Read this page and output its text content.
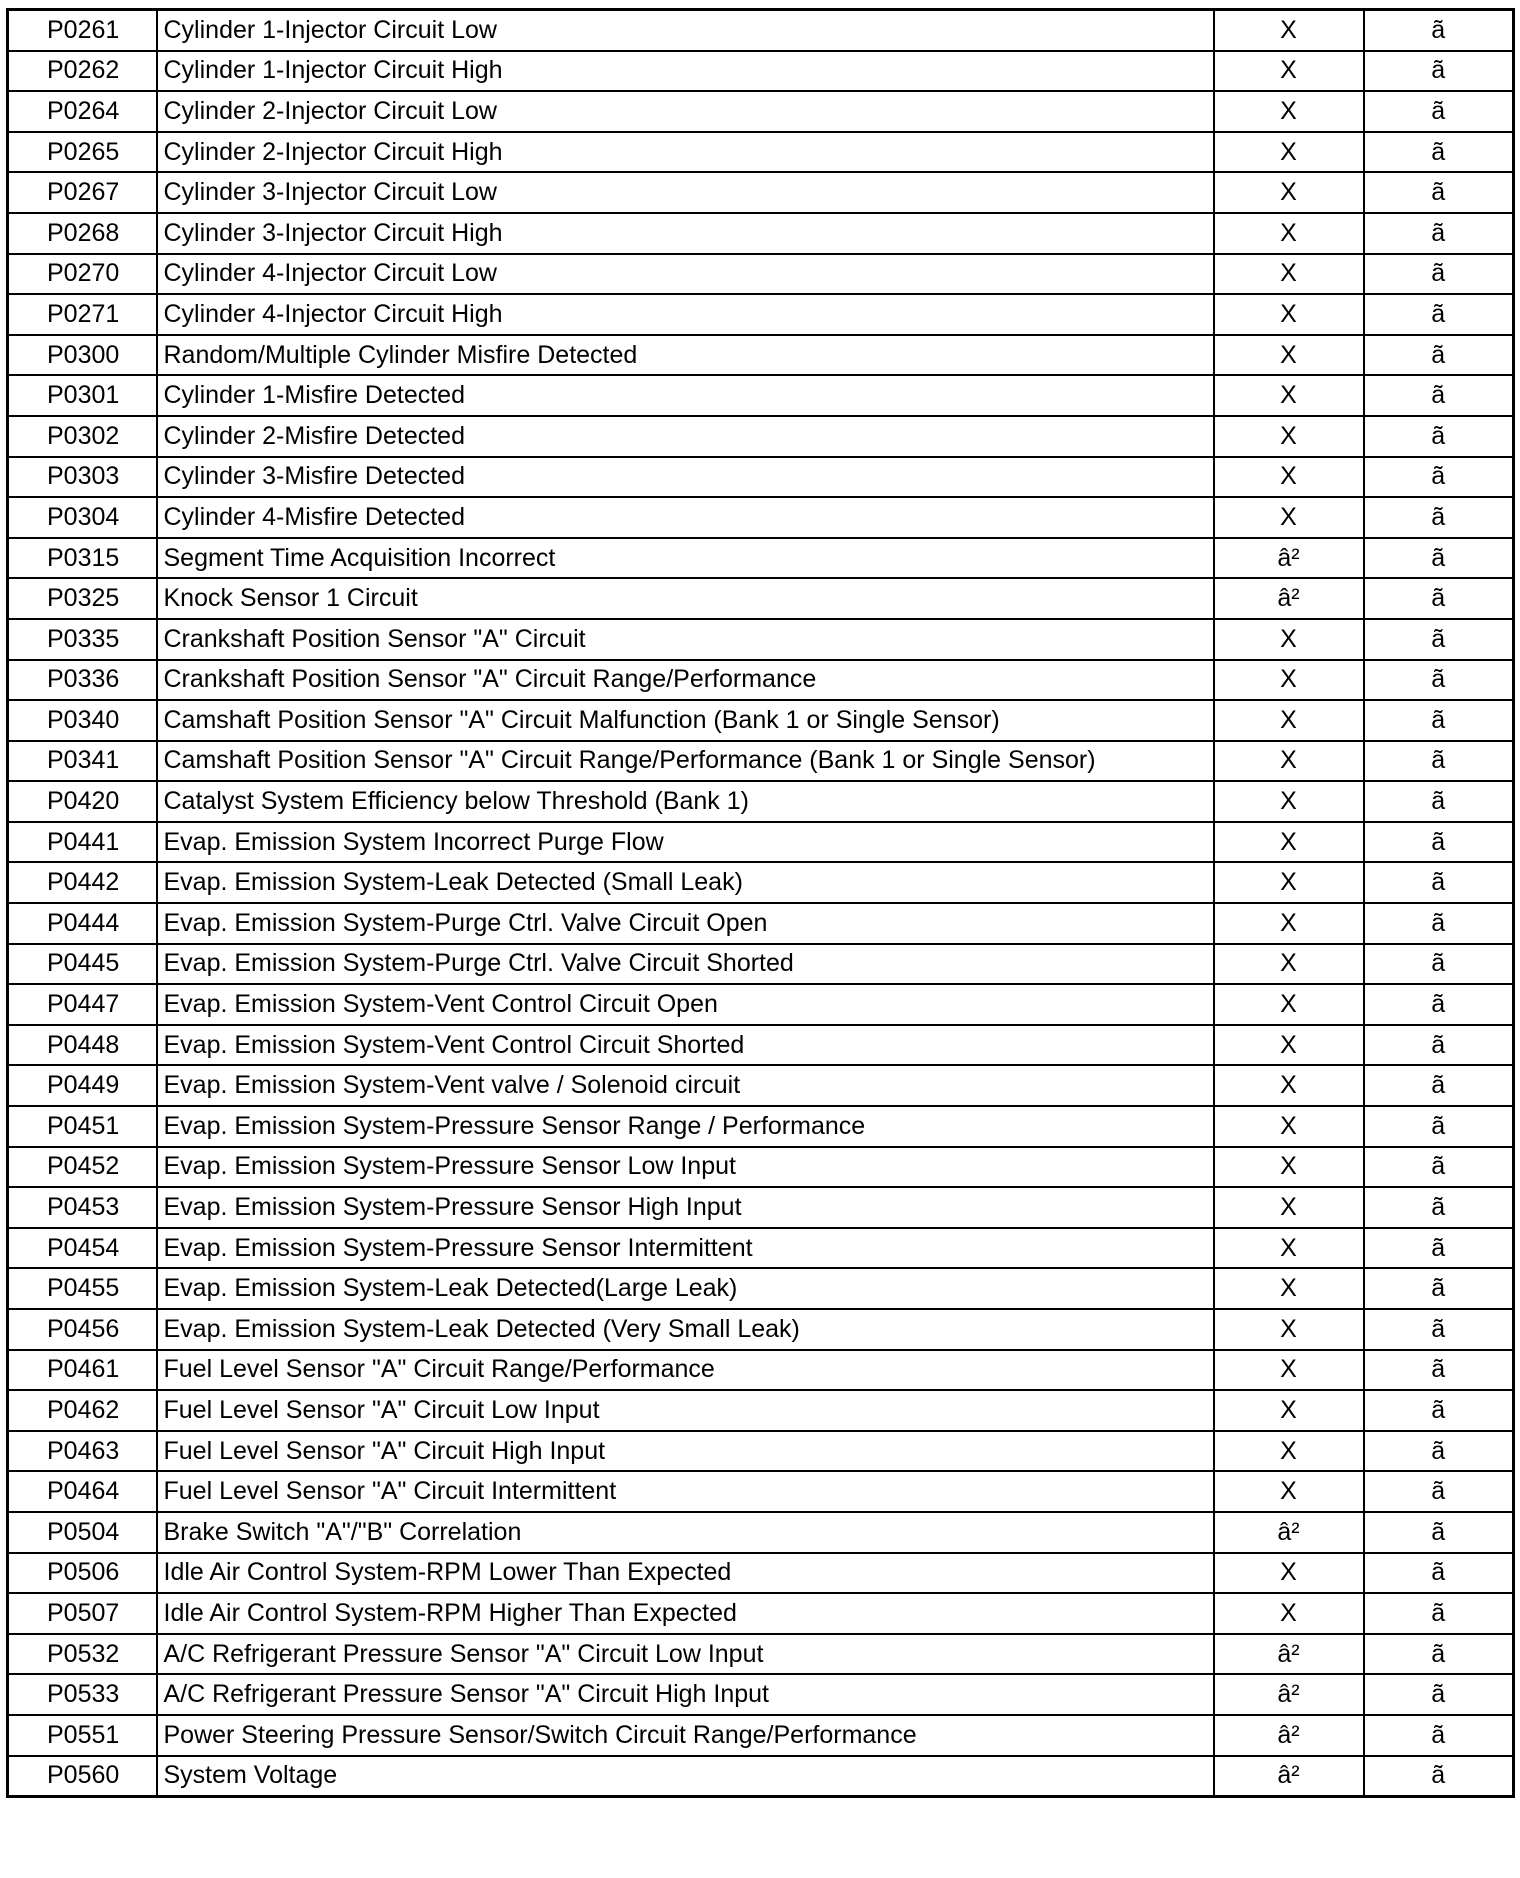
P0261	Cylinder 1-Injector Circuit Low	X	ã
P0262	Cylinder 1-Injector Circuit High	X	ã
P0264	Cylinder 2-Injector Circuit Low	X	ã
P0265	Cylinder 2-Injector Circuit High	X	ã
P0267	Cylinder 3-Injector Circuit Low	X	ã
P0268	Cylinder 3-Injector Circuit High	X	ã
P0270	Cylinder 4-Injector Circuit Low	X	ã
P0271	Cylinder 4-Injector Circuit High	X	ã
P0300	Random/Multiple Cylinder Misfire Detected	X	ã
P0301	Cylinder 1-Misfire Detected	X	ã
P0302	Cylinder 2-Misfire Detected	X	ã
P0303	Cylinder 3-Misfire Detected	X	ã
P0304	Cylinder 4-Misfire Detected	X	ã
P0315	Segment Time Acquisition Incorrect	â²	ã
P0325	Knock Sensor 1 Circuit	â²	ã
P0335	Crankshaft Position Sensor "A" Circuit	X	ã
P0336	Crankshaft Position Sensor "A" Circuit Range/Performance	X	ã
P0340	Camshaft Position Sensor "A" Circuit Malfunction (Bank 1 or Single Sensor)	X	ã
P0341	Camshaft Position Sensor "A" Circuit Range/Performance (Bank 1 or Single Sensor)	X	ã
P0420	Catalyst System Efficiency below Threshold (Bank 1)	X	ã
P0441	Evap. Emission System Incorrect Purge Flow	X	ã
P0442	Evap. Emission System-Leak Detected (Small Leak)	X	ã
P0444	Evap. Emission System-Purge Ctrl. Valve Circuit Open	X	ã
P0445	Evap. Emission System-Purge Ctrl. Valve Circuit Shorted	X	ã
P0447	Evap. Emission System-Vent Control Circuit Open	X	ã
P0448	Evap. Emission System-Vent Control Circuit Shorted	X	ã
P0449	Evap. Emission System-Vent valve / Solenoid circuit	X	ã
P0451	Evap. Emission System-Pressure Sensor Range / Performance	X	ã
P0452	Evap. Emission System-Pressure Sensor Low Input	X	ã
P0453	Evap. Emission System-Pressure Sensor High Input	X	ã
P0454	Evap. Emission System-Pressure Sensor Intermittent	X	ã
P0455	Evap. Emission System-Leak Detected(Large Leak)	X	ã
P0456	Evap. Emission System-Leak Detected (Very Small Leak)	X	ã
P0461	Fuel Level Sensor "A" Circuit Range/Performance	X	ã
P0462	Fuel Level Sensor "A" Circuit Low Input	X	ã
P0463	Fuel Level Sensor "A" Circuit High Input	X	ã
P0464	Fuel Level Sensor "A" Circuit Intermittent	X	ã
P0504	Brake Switch "A"/"B" Correlation	â²	ã
P0506	Idle Air Control System-RPM Lower Than Expected	X	ã
P0507	Idle Air Control System-RPM Higher Than Expected	X	ã
P0532	A/C Refrigerant Pressure Sensor "A" Circuit Low Input	â²	ã
P0533	A/C Refrigerant Pressure Sensor "A" Circuit High Input	â²	ã
P0551	Power Steering Pressure Sensor/Switch Circuit Range/Performance	â²	ã
P0560	System Voltage	â²	ã
